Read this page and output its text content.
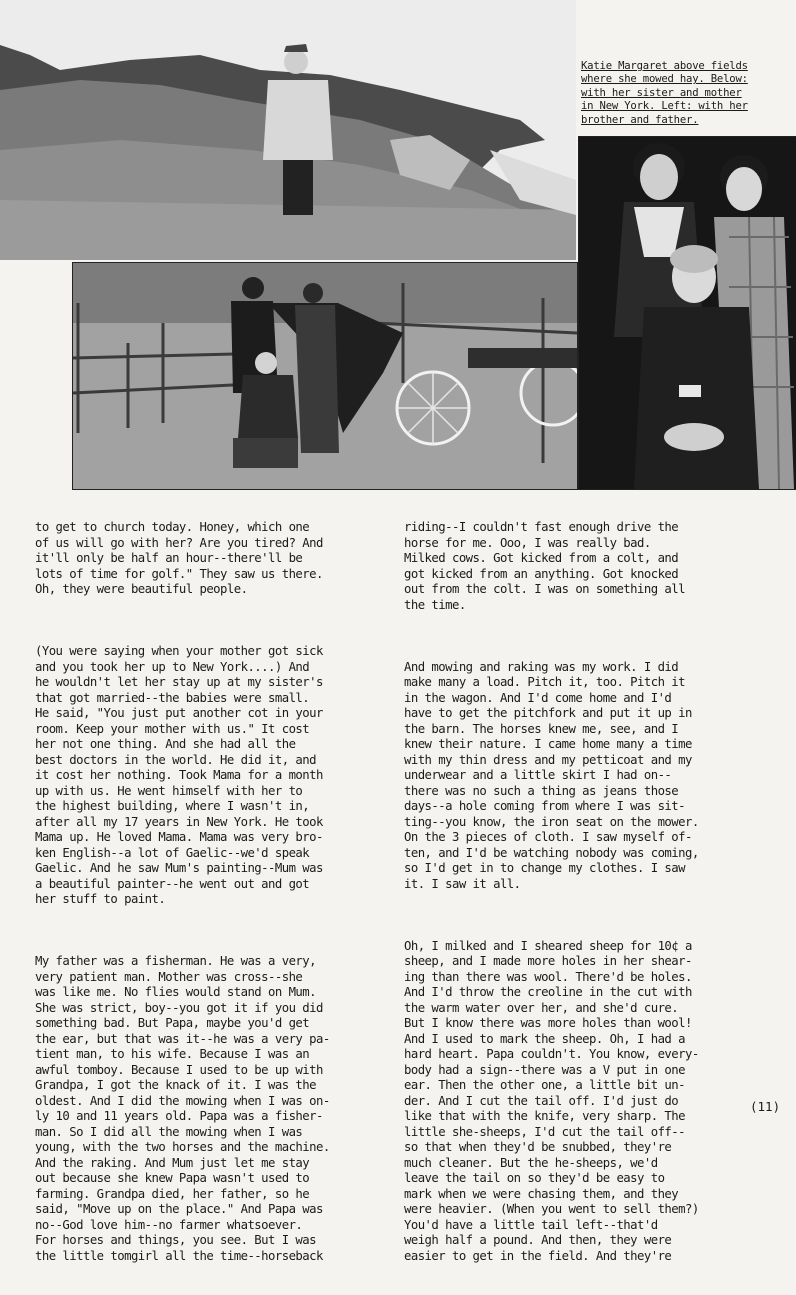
Katie Margaret above fields
where she mowed hay. Below:
with her sister and mother
in New York. Left: with her
brother and father.

to get to church today. Honey, which one
of us will go with her? Are you tired? And
it'll only be half an hour--there'll be
lots of time for golf." They saw us there.
Oh, they were beautiful people.

(You were saying when your mother got sick
and you took her up to New York....) And
he wouldn't let her stay up at my sister's
that got married--the babies were small.
He said, "You just put another cot in your
room. Keep your mother with us." It cost
her not one thing. And she had all the
best doctors in the world. He did it, and
it cost her nothing. Took Mama for a month
up with us. He went himself with her to
the highest building, where I wasn't in,
after all my 17 years in New York. He took
Mama up. He loved Mama. Mama was very bro-
ken English--a lot of Gaelic--we'd speak
Gaelic. And he saw Mum's painting--Mum was
a beautiful painter--he went out and got
her stuff to paint.

My father was a fisherman. He was a very,
very patient man. Mother was cross--she
was like me. No flies would stand on Mum.
She was strict, boy--you got it if you did
something bad. But Papa, maybe you'd get
the ear, but that was it--he was a very pa-
tient man, to his wife. Because I was an
awful tomboy. Because I used to be up with
Grandpa, I got the knack of it. I was the
oldest. And I did the mowing when I was on-
ly 10 and 11 years old. Papa was a fisher-
man. So I did all the mowing when I was
young, with the two horses and the machine.
And the raking. And Mum just let me stay
out because she knew Papa wasn't used to
farming. Grandpa died, her father, so he
said, "Move up on the place." And Papa was
no--God love him--no farmer whatsoever.
For horses and things, you see. But I was
the little tomgirl all the time--horseback

riding--I couldn't fast enough drive the
horse for me. Ooo, I was really bad.
Milked cows. Got kicked from a colt, and
got kicked from an anything. Got knocked
out from the colt. I was on something all
the time.

And mowing and raking was my work. I did
make many a load. Pitch it, too. Pitch it
in the wagon. And I'd come home and I'd
have to get the pitchfork and put it up in
the barn. The horses knew me, see, and I
knew their nature. I came home many a time
with my thin dress and my petticoat and my
underwear and a little skirt I had on--
there was no such a thing as jeans those
days--a hole coming from where I was sit-
ting--you know, the iron seat on the mower.
On the 3 pieces of cloth. I saw myself of-
ten, and I'd be watching nobody was coming,
so I'd get in to change my clothes. I saw
it. I saw it all.

Oh, I milked and I sheared sheep for 10¢ a
sheep, and I made more holes in her shear-
ing than there was wool. There'd be holes.
And I'd throw the creoline in the cut with
the warm water over her, and she'd cure.
But I know there was more holes than wool!
And I used to mark the sheep. Oh, I had a
hard heart. Papa couldn't. You know, every-
body had a sign--there was a V put in one
ear. Then the other one, a little bit un-
der. And I cut the tail off. I'd just do
like that with the knife, very sharp. The
little she-sheeps, I'd cut the tail off--
so that when they'd be snubbed, they're
much cleaner. But the he-sheeps, we'd
leave the tail on so they'd be easy to
mark when we were chasing them, and they
were heavier. (When you went to sell them?)
You'd have a little tail left--that'd
weigh half a pound. And then, they were
easier to get in the field. And they're

(11)
